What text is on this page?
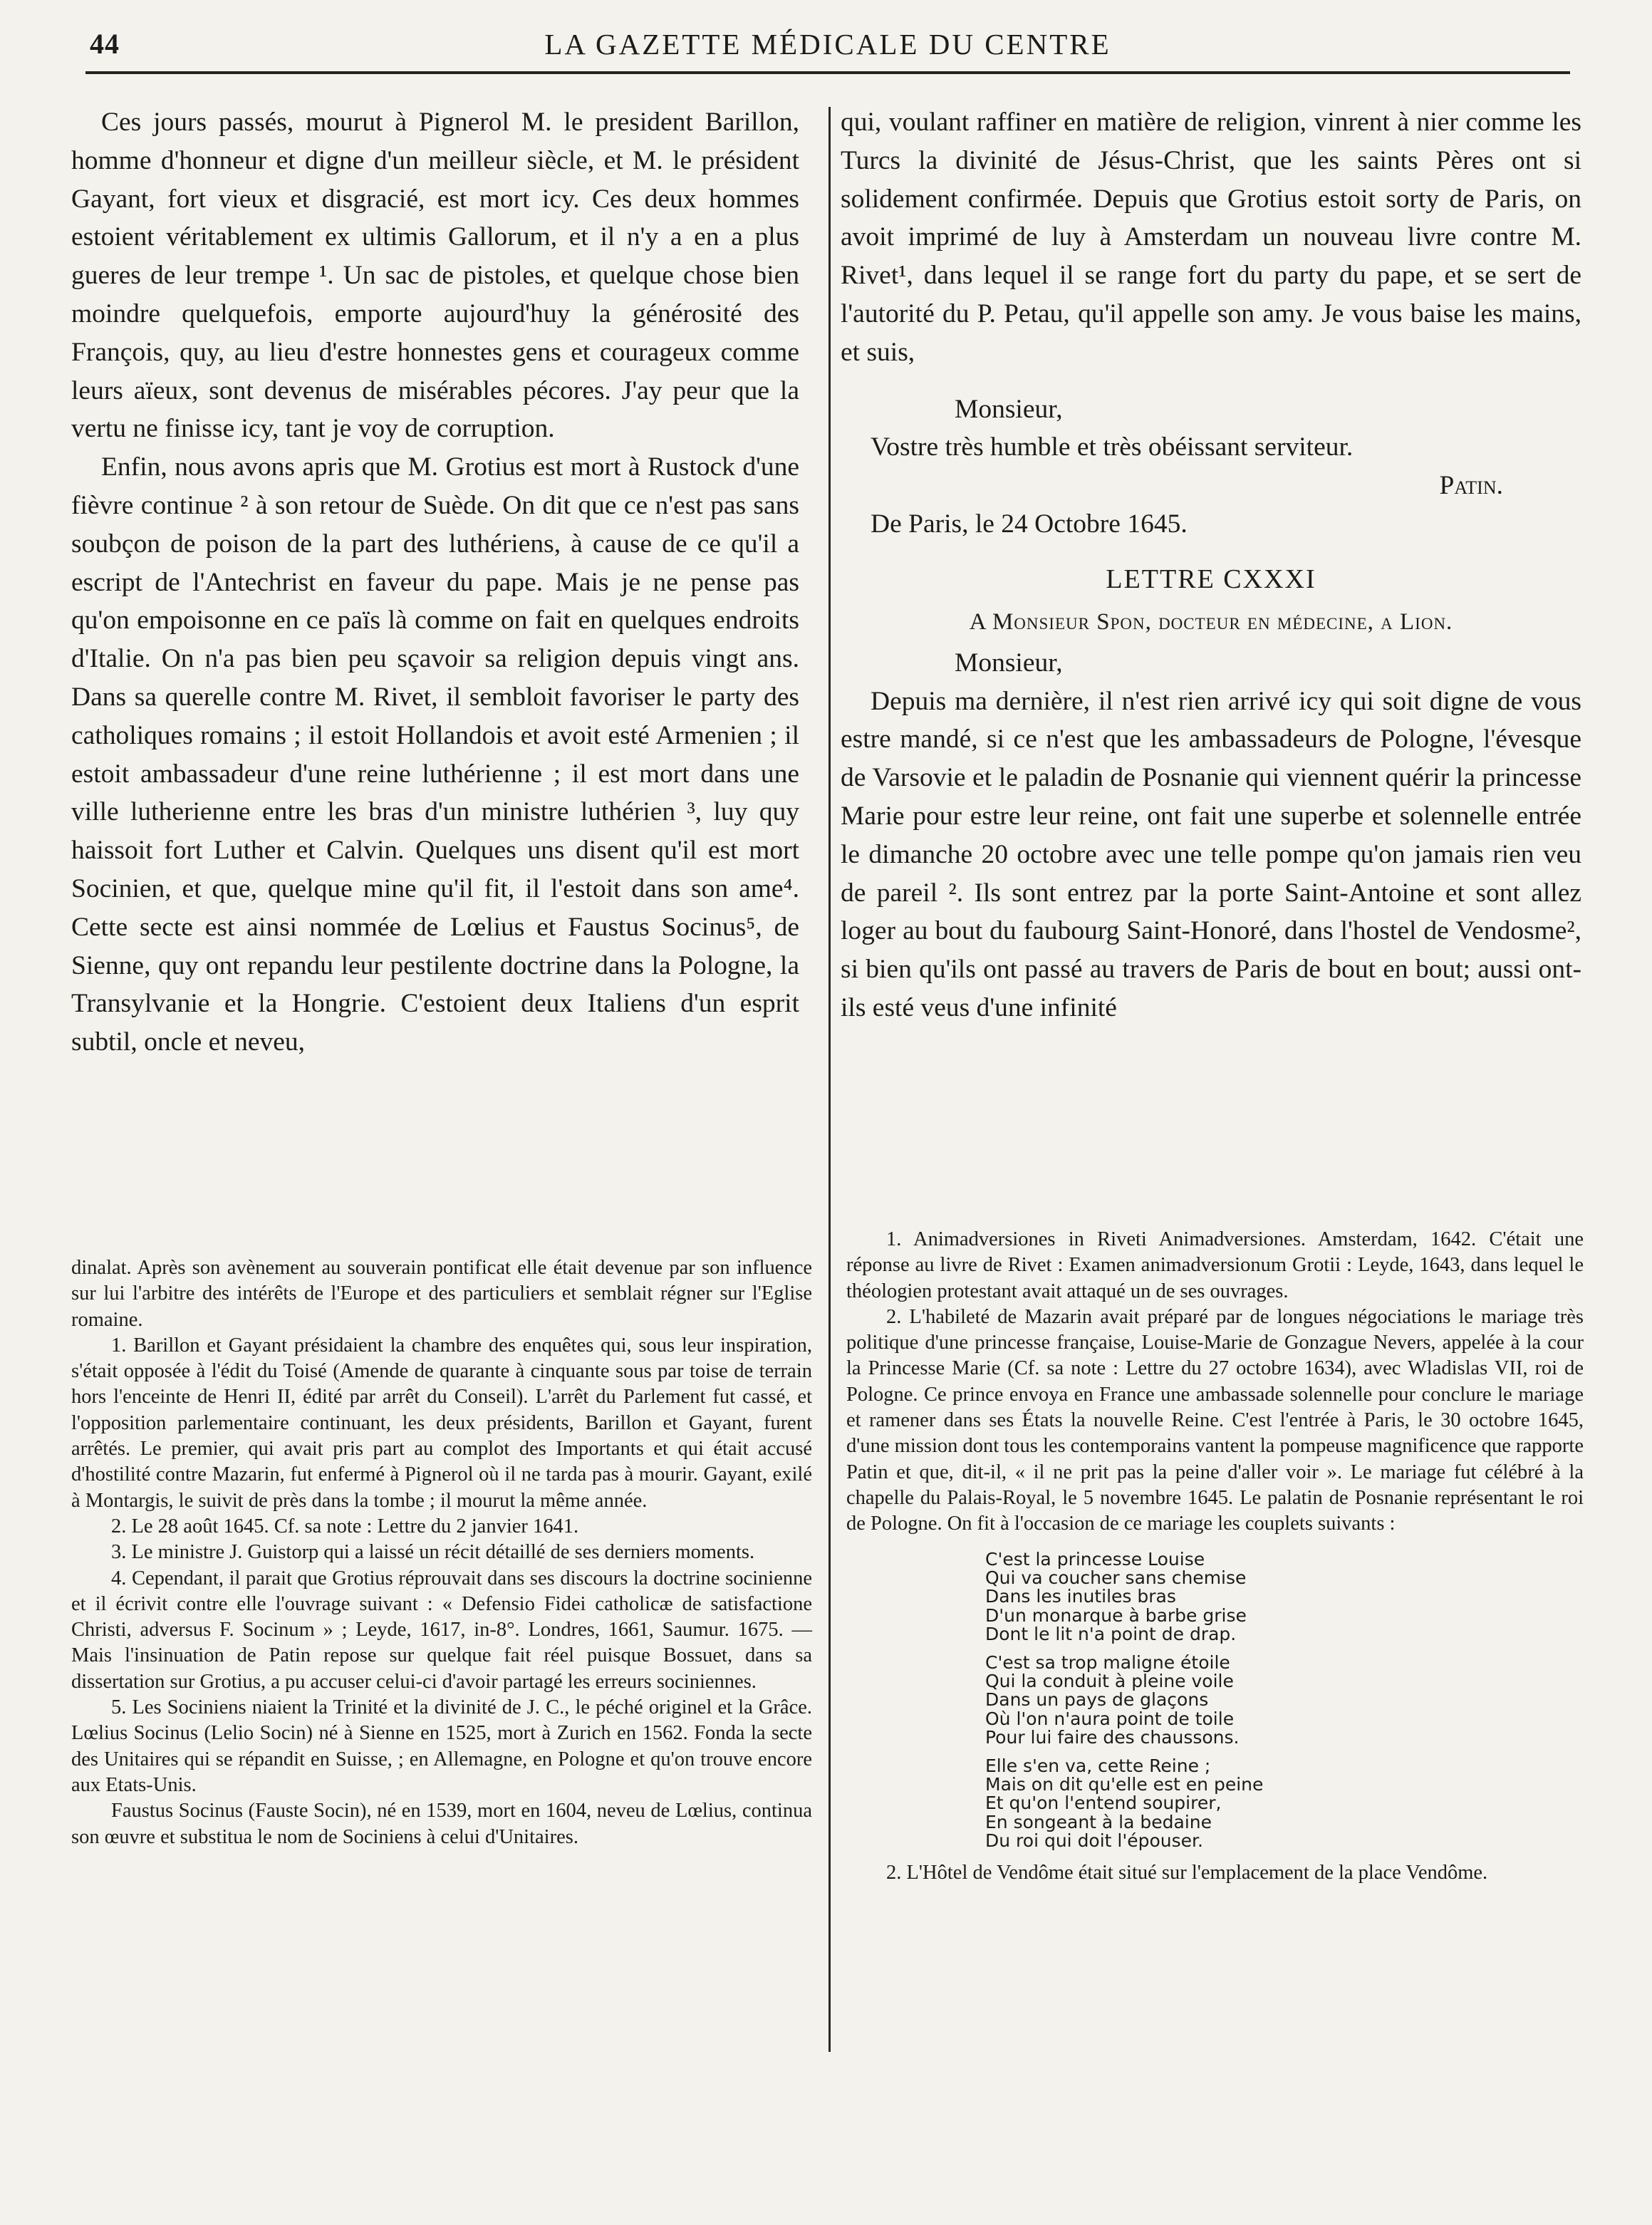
44	LA GAZETTE MÉDICALE DU CENTRE

Ces jours passés, mourut à Pignerol M. le president Barillon, homme d'honneur et digne d'un meilleur siècle, et M. le président Gayant, fort vieux et disgracié, est mort icy. Ces deux hommes estoient véritablement ex ultimis Gallorum, et il n'y a en a plus gueres de leur trempe ¹. Un sac de pistoles, et quelque chose bien moindre quelquefois, emporte aujourd'huy la générosité des François, quy, au lieu d'estre honnestes gens et courageux comme leurs aïeux, sont devenus de misérables pécores. J'ay peur que la vertu ne finisse icy, tant je voy de corruption.

Enfin, nous avons apris que M. Grotius est mort à Rustock d'une fièvre continue ² à son retour de Suède. On dit que ce n'est pas sans soubçon de poison de la part des luthériens, à cause de ce qu'il a escript de l'Antechrist en faveur du pape. Mais je ne pense pas qu'on empoisonne en ce païs là comme on fait en quelques endroits d'Italie. On n'a pas bien peu sçavoir sa religion depuis vingt ans. Dans sa querelle contre M. Rivet, il sembloit favoriser le party des catholiques romains ; il estoit Hollandois et avoit esté Armenien ; il estoit ambassadeur d'une reine luthérienne ; il est mort dans une ville lutherienne entre les bras d'un ministre luthérien ³, luy quy haissoit fort Luther et Calvin. Quelques uns disent qu'il est mort Socinien, et que, quelque mine qu'il fit, il l'estoit dans son ame⁴. Cette secte est ainsi nommée de Lœlius et Faustus Socinus⁵, de Sienne, quy ont repandu leur pestilente doctrine dans la Pologne, la Transylvanie et la Hongrie. C'estoient deux Italiens d'un esprit subtil, oncle et neveu,

qui, voulant raffiner en matière de religion, vinrent à nier comme les Turcs la divinité de Jésus-Christ, que les saints Pères ont si solidement confirmée. Depuis que Grotius estoit sorty de Paris, on avoit imprimé de luy à Amsterdam un nouveau livre contre M. Rivet¹, dans lequel il se range fort du party du pape, et se sert de l'autorité du P. Petau, qu'il appelle son amy. Je vous baise les mains, et suis,

Monsieur,
Vostre très humble et très obéissant serviteur.
Patin.
De Paris, le 24 Octobre 1645.
LETTRE CXXXI
A Monsieur Spon, docteur en médecine, a Lion.
Monsieur,

Depuis ma dernière, il n'est rien arrivé icy qui soit digne de vous estre mandé, si ce n'est que les ambassadeurs de Pologne, l'évesque de Varsovie et le paladin de Posnanie qui viennent quérir la princesse Marie pour estre leur reine, ont fait une superbe et solennelle entrée le dimanche 20 octobre avec une telle pompe qu'on jamais rien veu de pareil ². Ils sont entrez par la porte Saint-Antoine et sont allez loger au bout du faubourg Saint-Honoré, dans l'hostel de Vendosme², si bien qu'ils ont passé au travers de Paris de bout en bout; aussi ont-ils esté veus d'une infinité

dinalat. Après son avènement au souverain pontificat elle était devenue par son influence sur lui l'arbitre des intérêts de l'Europe et des particuliers et semblait régner sur l'Eglise romaine.

1. Barillon et Gayant présidaient la chambre des enquêtes qui, sous leur inspiration, s'était opposée à l'édit du Toisé (Amende de quarante à cinquante sous par toise de terrain hors l'enceinte de Henri II, édité par arrêt du Conseil). L'arrêt du Parlement fut cassé, et l'opposition parlementaire continuant, les deux présidents, Barillon et Gayant, furent arrêtés. Le premier, qui avait pris part au complot des Importants et qui était accusé d'hostilité contre Mazarin, fut enfermé à Pignerol où il ne tarda pas à mourir. Gayant, exilé à Montargis, le suivit de près dans la tombe ; il mourut la même année.

2. Le 28 août 1645. Cf. sa note : Lettre du 2 janvier 1641.

3. Le ministre J. Guistorp qui a laissé un récit détaillé de ses derniers moments.

4. Cependant, il parait que Grotius réprouvait dans ses discours la doctrine socinienne et il écrivit contre elle l'ouvrage suivant : « Defensio Fidei catholicæ de satisfactione Christi, adversus F. Socinum » ; Leyde, 1617, in-8°. Londres, 1661, Saumur. 1675. — Mais l'insinuation de Patin repose sur quelque fait réel puisque Bossuet, dans sa dissertation sur Grotius, a pu accuser celui-ci d'avoir partagé les erreurs sociniennes.

5. Les Sociniens niaient la Trinité et la divinité de J. C., le péché originel et la Grâce. Lœlius Socinus (Lelio Socin) né à Sienne en 1525, mort à Zurich en 1562. Fonda la secte des Unitaires qui se répandit en Suisse, ; en Allemagne, en Pologne et qu'on trouve encore aux Etats-Unis.

Faustus Socinus (Fauste Socin), né en 1539, mort en 1604, neveu de Lœlius, continua son œuvre et substitua le nom de Sociniens à celui d'Unitaires.

1. Animadversiones in Riveti Animadversiones. Amsterdam, 1642. C'était une réponse au livre de Rivet : Examen animadversionum Grotii : Leyde, 1643, dans lequel le théologien protestant avait attaqué un de ses ouvrages.

2. L'habileté de Mazarin avait préparé par de longues négociations le mariage très politique d'une princesse française, Louise-Marie de Gonzague Nevers, appelée à la cour la Princesse Marie (Cf. sa note : Lettre du 27 octobre 1634), avec Wladislas VII, roi de Pologne. Ce prince envoya en France une ambassade solennelle pour conclure le mariage et ramener dans ses États la nouvelle Reine. C'est l'entrée à Paris, le 30 octobre 1645, d'une mission dont tous les contemporains vantent la pompeuse magnificence que rapporte Patin et que, dit-il, « il ne prit pas la peine d'aller voir ». Le mariage fut célébré à la chapelle du Palais-Royal, le 5 novembre 1645. Le palatin de Posnanie représentant le roi de Pologne. On fit à l'occasion de ce mariage les couplets suivants :

C'est la princesse Louise
Qui va coucher sans chemise
Dans les inutiles bras
D'un monarque à barbe grise
Dont le lit n'a point de drap.
C'est sa trop maligne étoile
Qui la conduit à pleine voile
Dans un pays de glaçons
Où l'on n'aura point de toile
Pour lui faire des chaussons.
Elle s'en va, cette Reine ;
Mais on dit qu'elle est en peine
Et qu'on l'entend soupirer,
En songeant à la bedaine
Du roi qui doit l'épouser.

2. L'Hôtel de Vendôme était situé sur l'emplacement de la place Vendôme.
